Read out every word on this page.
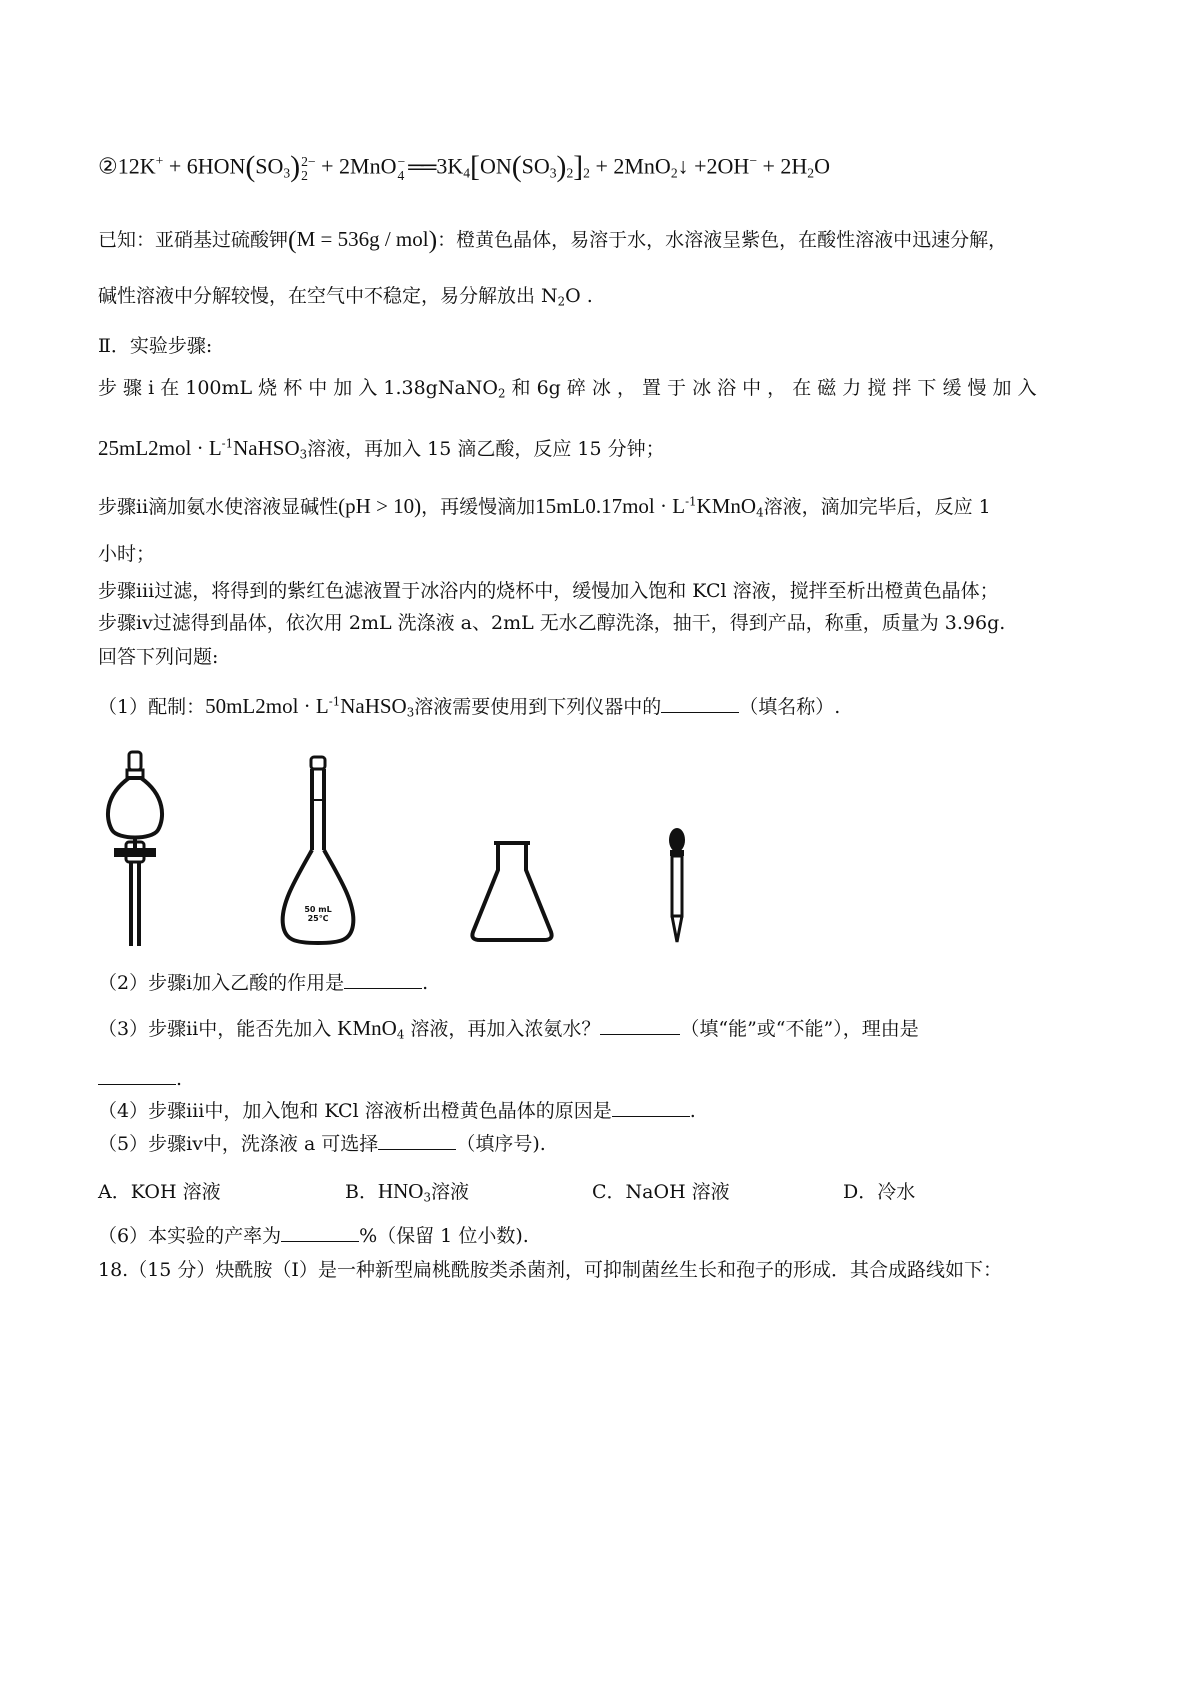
②12K+ + $6HON(SO_3)$ 2−
2 + 2MnO −
4 ══ $3K_4[ON(SO_3)_2]_2$ + 2MnO$_2$↓ $+2OH^- + 2H_2O$
已知：亚硝基过硫酸钾(M = 536g / mol)：橙黄色晶体，易溶于水，水溶液呈紫色，在酸性溶液中迅速分解，
碱性溶液中分解较慢，在空气中不稳定，易分解放出 $N_2O$ .
Ⅱ．实验步骤:
步 骤 ⅰ 在 100mL 烧 杯 中 加 入 1.38gNaNO$_2$ 和 6g 碎 冰 ， 置 于 冰 浴 中 ， 在 磁 力 搅 拌 下 缓 慢 加 入
$25mL2mol \cdot L^{-1}NaHSO_3$溶液，再加入 15 滴乙酸，反应 15 分钟；
步骤ⅱ滴加氨水使溶液显碱性(pH > 10)，再缓慢滴加$15mL0.17mol \cdot L^{-1}KMnO_4$溶液，滴加完毕后，反应 1
小时；
步骤ⅲ过滤，将得到的紫红色滤液置于冰浴内的烧杯中，缓慢加入饱和 KCl 溶液，搅拌至析出橙黄色晶体；
步骤ⅳ过滤得到晶体，依次用 2mL 洗涤液 a、2mL 无水乙醇洗涤，抽干，得到产品，称重，质量为 3.96g.
回答下列问题:
（1）配制：$50mL2mol \cdot L^{-1}NaHSO_3$溶液需要使用到下列仪器中的	（填名称）.
50 mL
25℃
（2）步骤ⅰ加入乙酸的作用是	.
（3）步骤ⅱ中，能否先加入 KMnO$_4$ 溶液，再加入浓氨水？	（填“能”或“不能”），理由是
.
（4）步骤ⅲ中，加入饱和 KCl 溶液析出橙黄色晶体的原因是	.
（5）步骤ⅳ中，洗涤液 a 可选择	（填序号).
A．KOH 溶液	B．$HNO_3$溶液	C．NaOH 溶液	D．冷水
（6）本实验的产率为	%（保留 1 位小数).
18.（15 分）炔酰胺（I）是一种新型扁桃酰胺类杀菌剂，可抑制菌丝生长和孢子的形成．其合成路线如下：
